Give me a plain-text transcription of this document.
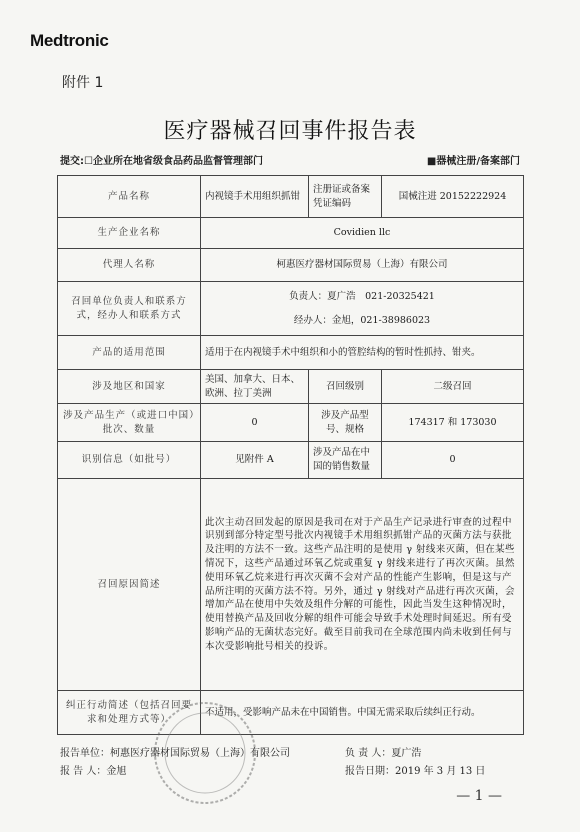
Medtronic
附件 1
医疗器械召回事件报告表
提交:☐企业所在地省级食品药品监督管理部门	■器械注册/备案部门
产品名称	内视镜手术用组织抓钳	注册证或备案凭证编码	国械注进 20152222924
生产企业名称	Covidien llc		
代理人名称	柯惠医疗器材国际贸易（上海）有限公司		
召回单位负责人和联系方式，经办人和联系方式	负责人：夏广浩　021-20325421
经办人：金旭，021-38986023		

产品的适用范围	适用于在内视镜手术中组织和小的管腔结构的暂时性抓持、钳夹。		
涉及地区和国家	美国、加拿大、日本、欧洲、拉丁美洲	召回级别	二级召回
涉及产品生产（或进口中国）批次、数量	0	涉及产品型号、规格	174317 和 173030
识别信息（如批号）	见附件 A	涉及产品在中国的销售数量	0
召回原因简述	此次主动召回发起的原因是我司在对于产品生产记录进行审查的过程中识别到部分特定型号批次内视镜手术用组织抓钳产品的灭菌方法与获批及注明的方法不一致。这些产品注明的是使用 γ 射线来灭菌，但在某些情况下，这些产品通过环氧乙烷或重复 γ 射线来进行了再次灭菌。虽然使用环氧乙烷来进行再次灭菌不会对产品的性能产生影响，但是这与产品所注明的灭菌方法不符。另外，通过 γ 射线对产品进行再次灭菌，会增加产品在使用中失效及组件分解的可能性，因此当发生这种情况时，使用替换产品及回收分解的组件可能会导致手术处理时间延迟。所有受影响产品的无菌状态完好。截至目前我司在全球范围内尚未收到任何与本次受影响批号相关的投诉。		
纠正行动简述（包括召回要求和处理方式等）	不适用，受影响产品未在中国销售。中国无需采取后续纠正行动。		
报告单位：柯惠医疗器材国际贸易（上海）有限公司	负 责 人：夏广浩
报 告 人：金旭	报告日期：2019 年 3 月 13 日
— 1 —
